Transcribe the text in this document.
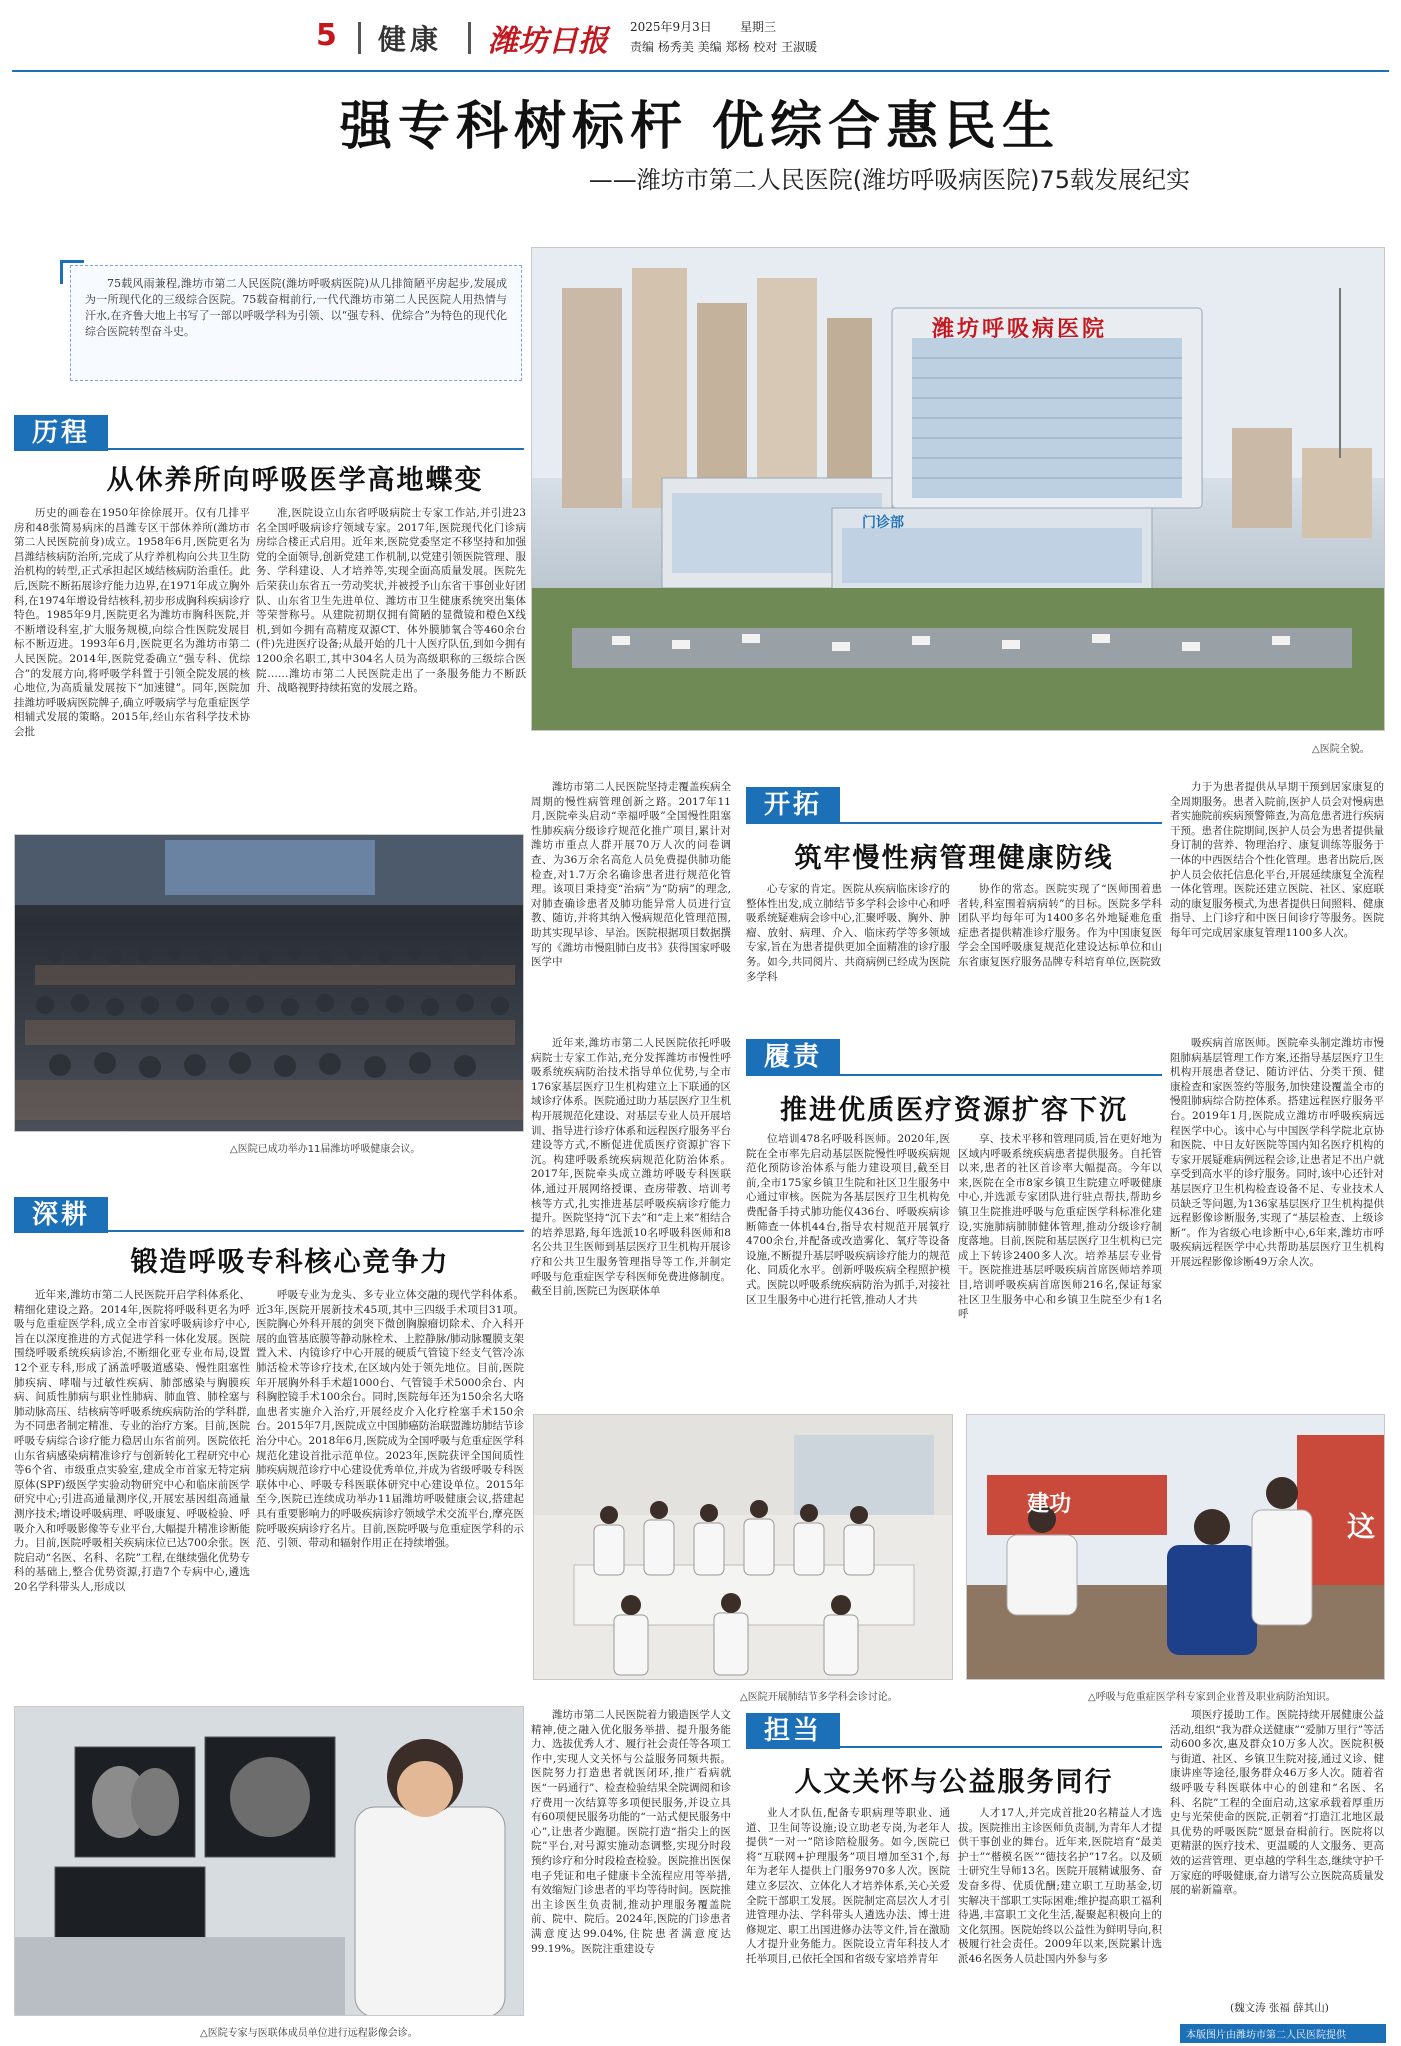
5 健康 潍坊日报 2025年9月3日 星期三
责编 杨秀美 美编 郑杨 校对 王淑暖
强专科树标杆 优综合惠民生
——潍坊市第二人民医院(潍坊呼吸病医院)75载发展纪实
75载风雨兼程,潍坊市第二人民医院(潍坊呼吸病医院)从几排简陋平房起步,发展成为一所现代化的三级综合医院。75载奋楫前行,一代代潍坊市第二人民医院人用热情与汗水,在齐鲁大地上书写了一部以呼吸学科为引领、以“强专科、优综合”为特色的现代化综合医院转型奋斗史。	潍坊呼吸病医院
门诊部
△医院全貌。
历程
从休养所向呼吸医学高地蝶变
历史的画卷在1950年徐徐展开。仅有几排平房和48张简易病床的昌潍专区干部休养所(潍坊市第二人民医院前身)成立。1958年6月,医院更名为昌潍结核病防治所,完成了从疗养机构向公共卫生防治机构的转型,正式承担起区域结核病防治重任。此后,医院不断拓展诊疗能力边界,在1971年成立胸外科,在1974年增设骨结核科,初步形成胸科疾病诊疗特色。1985年9月,医院更名为潍坊市胸科医院,并不断增设科室,扩大服务规模,向综合性医院发展目标不断迈进。1993年6月,医院更名为潍坊市第二人民医院。2014年,医院党委确立“强专科、优综合”的发展方向,将呼吸学科置于引领全院发展的核心地位,为高质量发展按下“加速键”。同年,医院加挂潍坊呼吸病医院牌子,确立呼吸病学与危重症医学相辅式发展的策略。2015年,经山东省科学技术协会批
准,医院设立山东省呼吸病院士专家工作站,并引进23名全国呼吸病诊疗领域专家。2017年,医院现代化门诊病房综合楼正式启用。近年来,医院党委坚定不移坚持和加强党的全面领导,创新党建工作机制,以党建引领医院管理、服务、学科建设、人才培养等,实现全面高质量发展。医院先后荣获山东省五一劳动奖状,并被授予山东省干事创业好团队、山东省卫生先进单位、潍坊市卫生健康系统突出集体等荣誉称号。从建院初期仅拥有简陋的显微镜和橙色X线机,到如今拥有高精度双源CT、体外膜肺氧合等460余台(件)先进医疗设备;从最开始的几十人医疗队伍,到如今拥有1200余名职工,其中304名人员为高级职称的三级综合医院……潍坊市第二人民医院走出了一条服务能力不断跃升、战略视野持续拓宽的发展之路。
△医院已成功举办11届潍坊呼吸健康会议。
潍坊市第二人民医院坚持走覆盖疾病全周期的慢性病管理创新之路。2017年11月,医院牵头启动“幸福呼吸”全国慢性阻塞性肺疾病分级诊疗规范化推广项目,累计对潍坊市重点人群开展70万人次的问卷调查、为36万余名高危人员免费提供肺功能检查,对1.7万余名确诊患者进行规范化管理。该项目秉持变“治病”为“防病”的理念,对肺查确诊患者及肺功能异常人员进行宣教、随访,并将其纳入慢病规范化管理范围,助其实现早诊、早治。医院根据项目数据撰写的《潍坊市慢阻肺白皮书》获得国家呼吸医学中
开拓
筑牢慢性病管理健康防线
心专家的肯定。医院从疾病临床诊疗的整体性出发,成立肺结节多学科会诊中心和呼吸系统疑难病会诊中心,汇聚呼吸、胸外、肿瘤、放射、病理、介入、临床药学等多领域专家,旨在为患者提供更加全面精准的诊疗服务。如今,共同阅片、共商病例已经成为医院多学科
协作的常态。医院实现了“医师围着患者转,科室围着病病转”的目标。医院多学科团队平均每年可为1400多名外地疑难危重症患者提供精准诊疗服务。作为中国康复医学会全国呼吸康复规范化建设达标单位和山东省康复医疗服务品牌专科培育单位,医院致
力于为患者提供从早期干预到居家康复的全周期服务。患者入院前,医护人员会对慢病患者实施院前疾病预警筛查,为高危患者进行疾病干预。患者住院期间,医护人员会为患者提供量身订制的营养、物理治疗、康复训练等服务于一体的中西医结合个性化管理。患者出院后,医护人员会依托信息化平台,开展延续康复全流程一体化管理。医院还建立医院、社区、家庭联动的康复服务模式,为患者提供日间照料、健康指导、上门诊疗和中医日间诊疗等服务。医院每年可完成居家康复管理1100多人次。
近年来,潍坊市第二人民医院依托呼吸病院士专家工作站,充分发挥潍坊市慢性呼吸系统疾病防治技术指导单位优势,与全市176家基层医疗卫生机构建立上下联通的区域诊疗体系。医院通过助力基层医疗卫生机构开展规范化建设、对基层专业人员开展培训、指导进行诊疗体系和远程医疗服务平台建设等方式,不断促进优质医疗资源扩容下沉。构建呼吸系统疾病规范化防治体系。2017年,医院牵头成立潍坊呼吸专科医联体,通过开展网络授课、查房带教、培训考核等方式,扎实推进基层呼吸疾病诊疗能力提升。医院坚持“沉下去”和“走上来”相结合的培养思路,每年选派10名呼吸科医师和8名公共卫生医师到基层医疗卫生机构开展诊疗和公共卫生服务管理指导等工作,并制定呼吸与危重症医学专科医师免费进修制度。截至目前,医院已为医联体单
履责
推进优质医疗资源扩容下沉
位培训478名呼吸科医师。2020年,医院在全市率先启动基层医院慢性呼吸疾病规范化预防诊治体系与能力建设项目,截至目前,全市175家乡镇卫生院和社区卫生服务中心通过审核。医院为各基层医疗卫生机构免费配备手持式肺功能仪436台、呼吸疾病诊断筛查一体机44台,指导农村规范开展氧疗4700余台,并配备或改造雾化、氧疗等设备设施,不断提升基层呼吸疾病诊疗能力的规范化、同质化水平。创新呼吸疾病全程照护模式。医院以呼吸系统疾病防治为抓手,对接社区卫生服务中心进行托管,推动人才共
享、技术平移和管理同质,旨在更好地为区域内呼吸系统疾病患者提供服务。自托管以来,患者的社区首诊率大幅提高。今年以来,医院在全市8家乡镇卫生院建立呼吸健康中心,并选派专家团队进行驻点帮扶,帮助乡镇卫生院推进呼吸与危重症医学科标准化建设,实施肺病肺肺健体管理,推动分级诊疗制度落地。目前,医院和基层医疗卫生机构已完成上下转诊2400多人次。培养基层专业骨干。医院推进基层呼吸疾病首席医师培养项目,培训呼吸疾病首席医师216名,保证每家社区卫生服务中心和乡镇卫生院至少有1名呼
吸疾病首席医师。医院牵头制定潍坊市慢阻肺病基层管理工作方案,还指导基层医疗卫生机构开展患者登记、随访评估、分类干预、健康检查和家医签约等服务,加快建设覆盖全市的慢阻肺病综合防控体系。搭建远程医疗服务平台。2019年1月,医院成立潍坊市呼吸疾病远程医学中心。该中心与中国医学科学院北京协和医院、中日友好医院等国内知名医疗机构的专家开展疑难病例远程会诊,让患者足不出户就享受到高水平的诊疗服务。同时,该中心还针对基层医疗卫生机构检查设备不足、专业技术人员缺乏等问题,为136家基层医疗卫生机构提供远程影像诊断服务,实现了“基层检查、上级诊断”。作为省级心电诊断中心,6年来,潍坊市呼吸疾病远程医学中心共帮助基层医疗卫生机构开展远程影像诊断49万余人次。
深耕
锻造呼吸专科核心竞争力
近年来,潍坊市第二人民医院开启学科体系化、精细化建设之路。2014年,医院将呼吸科更名为呼吸与危重症医学科,成立全市首家呼吸病诊疗中心,旨在以深度推进的方式促进学科一体化发展。医院围绕呼吸系统疾病诊治,不断细化亚专业布局,设置12个亚专科,形成了涵盖呼吸道感染、慢性阻塞性肺疾病、哮喘与过敏性疾病、肺部感染与胸膜疾病、间质性肺病与职业性肺病、肺血管、肺栓塞与肺动脉高压、结核病等呼吸系统疾病防治的学科群,为不同患者制定精准、专业的治疗方案。目前,医院呼吸专病综合诊疗能力稳居山东省前列。医院依托山东省病感染病精准诊疗与创新转化工程研究中心等6个省、市级重点实验室,建成全市首家无特定病原体(SPF)级医学实验动物研究中心和临床前医学研究中心;引进高通量测序仪,开展宏基因组高通量测序技术;增设呼吸病理、呼吸康复、呼吸检验、呼吸介入和呼吸影像等专业平台,大幅提升精准诊断能力。目前,医院呼吸相关疾病床位已达700余张。医院启动“名医、名科、名院”工程,在继续强化优势专科的基础上,整合优势资源,打造7个专病中心,遴选20名学科带头人,形成以
呼吸专业为龙头、多专业立体交融的现代学科体系。近3年,医院开展新技术45项,其中三四级手术项目31项。医院胸心外科开展的剑突下微创胸腺瘤切除术、介入科开展的血管基底膜等静动脉栓术、上腔静脉/肺动脉覆膜支架置入术、内镜诊疗中心开展的硬质气管镜下经支气管冷冻肺活检术等诊疗技术,在区域内处于领先地位。目前,医院年开展胸外科手术超1000台、气管镜手术5000余台、内科胸腔镜手术100余台。同时,医院每年还为150余名大咯血患者实施介入治疗,开展经皮介入化疗栓塞手术150余台。2015年7月,医院成立中国肺癌防治联盟潍坊肺结节诊治分中心。2018年6月,医院成为全国呼吸与危重症医学科规范化建设首批示范单位。2023年,医院获评全国间质性肺疾病规范诊疗中心建设优秀单位,并成为省级呼吸专科医联体中心、呼吸专科医联体研究中心建设单位。2015年至今,医院已连续成功举办11届潍坊呼吸健康会议,搭建起具有重要影响力的呼吸疾病诊疗领域学术交流平台,摩亮医院呼吸疾病诊疗名片。目前,医院呼吸与危重症医学科的示范、引领、带动和辐射作用正在持续增强。
△医院开展肺结节多学科会诊讨论。
建功
这
△呼吸与危重症医学科专家到企业普及职业病防治知识。
△医院专家与医联体成员单位进行远程影像会诊。
潍坊市第二人民医院着力锻造医学人文精神,使之融入优化服务举措、提升服务能力、选拔优秀人才、履行社会责任等各项工作中,实现人文关怀与公益服务同频共振。医院努力打造患者就医闭环,推广看病就医“一码通行”、检查检验结果全院调阅和诊疗费用一次结算等多项便民服务,并设立具有60项便民服务功能的“一站式便民服务中心”,让患者少跑腿。医院打造“指尖上的医院”平台,对号源实施动态调整,实现分时段预约诊疗和分时段检查检验。医院推出医保电子凭证和电子健康卡全流程应用等举措,有效缩短门诊患者的平均等待时间。医院推出主诊医生负责制,推动护理服务覆盖院前、院中、院后。2024年,医院的门诊患者满意度达99.04%,住院患者满意度达99.19%。医院注重建设专
担当
人文关怀与公益服务同行
业人才队伍,配备专职病理等职业、通道、卫生间等设施;设立助老专岗,为老年人提供“一对一”陪诊陪检服务。如今,医院已将“互联网+护理服务”项目增加至31个,每年为老年人提供上门服务970多人次。医院建立多层次、立体化人才培养体系,关心关爱全院干部职工发展。医院制定高层次人才引进管理办法、学科带头人遴选办法、博士进修规定、职工出国进修办法等文件,旨在激励人才提升业务能力。医院设立青年科技人才托举项目,已依托全国和省级专家培养青年
人才17人,并完成首批20名精益人才选拔。医院推出主诊医师负责制,为青年人才提供干事创业的舞台。近年来,医院培育“最美护士”“楷模名医”“德技名护”17名。以及硕士研究生导师13名。医院开展精诚服务、奋发奋多得、优质优酬;建立职工互助基金,切实解决干部职工实际困难;维护提高职工福利待遇,丰富职工文化生活,凝聚起积极向上的文化氛围。医院始终以公益性为鲜明导向,积极履行社会责任。2009年以来,医院累计选派46名医务人员赴国内外参与多
项医疗援助工作。医院持续开展健康公益活动,组织“我为群众送健康”“爱肺万里行”等活动600多次,惠及群众10万多人次。医院积极与街道、社区、乡镇卫生院对接,通过义诊、健康讲座等途径,服务群众46万多人次。随着省级呼吸专科医联体中心的创建和“名医、名科、名院”工程的全面启动,这家承载着厚重历史与光荣使命的医院,正朝着“打造江北地区最具优势的呼吸医院”愿景奋楫前行。医院将以更精湛的医疗技术、更温暖的人文服务、更高效的运营管理、更卓越的学科生态,继续守护千万家庭的呼吸健康,奋力谱写公立医院高质量发展的崭新篇章。
(魏文涛 张福 薛其山)
本版图片由潍坊市第二人民医院提供
